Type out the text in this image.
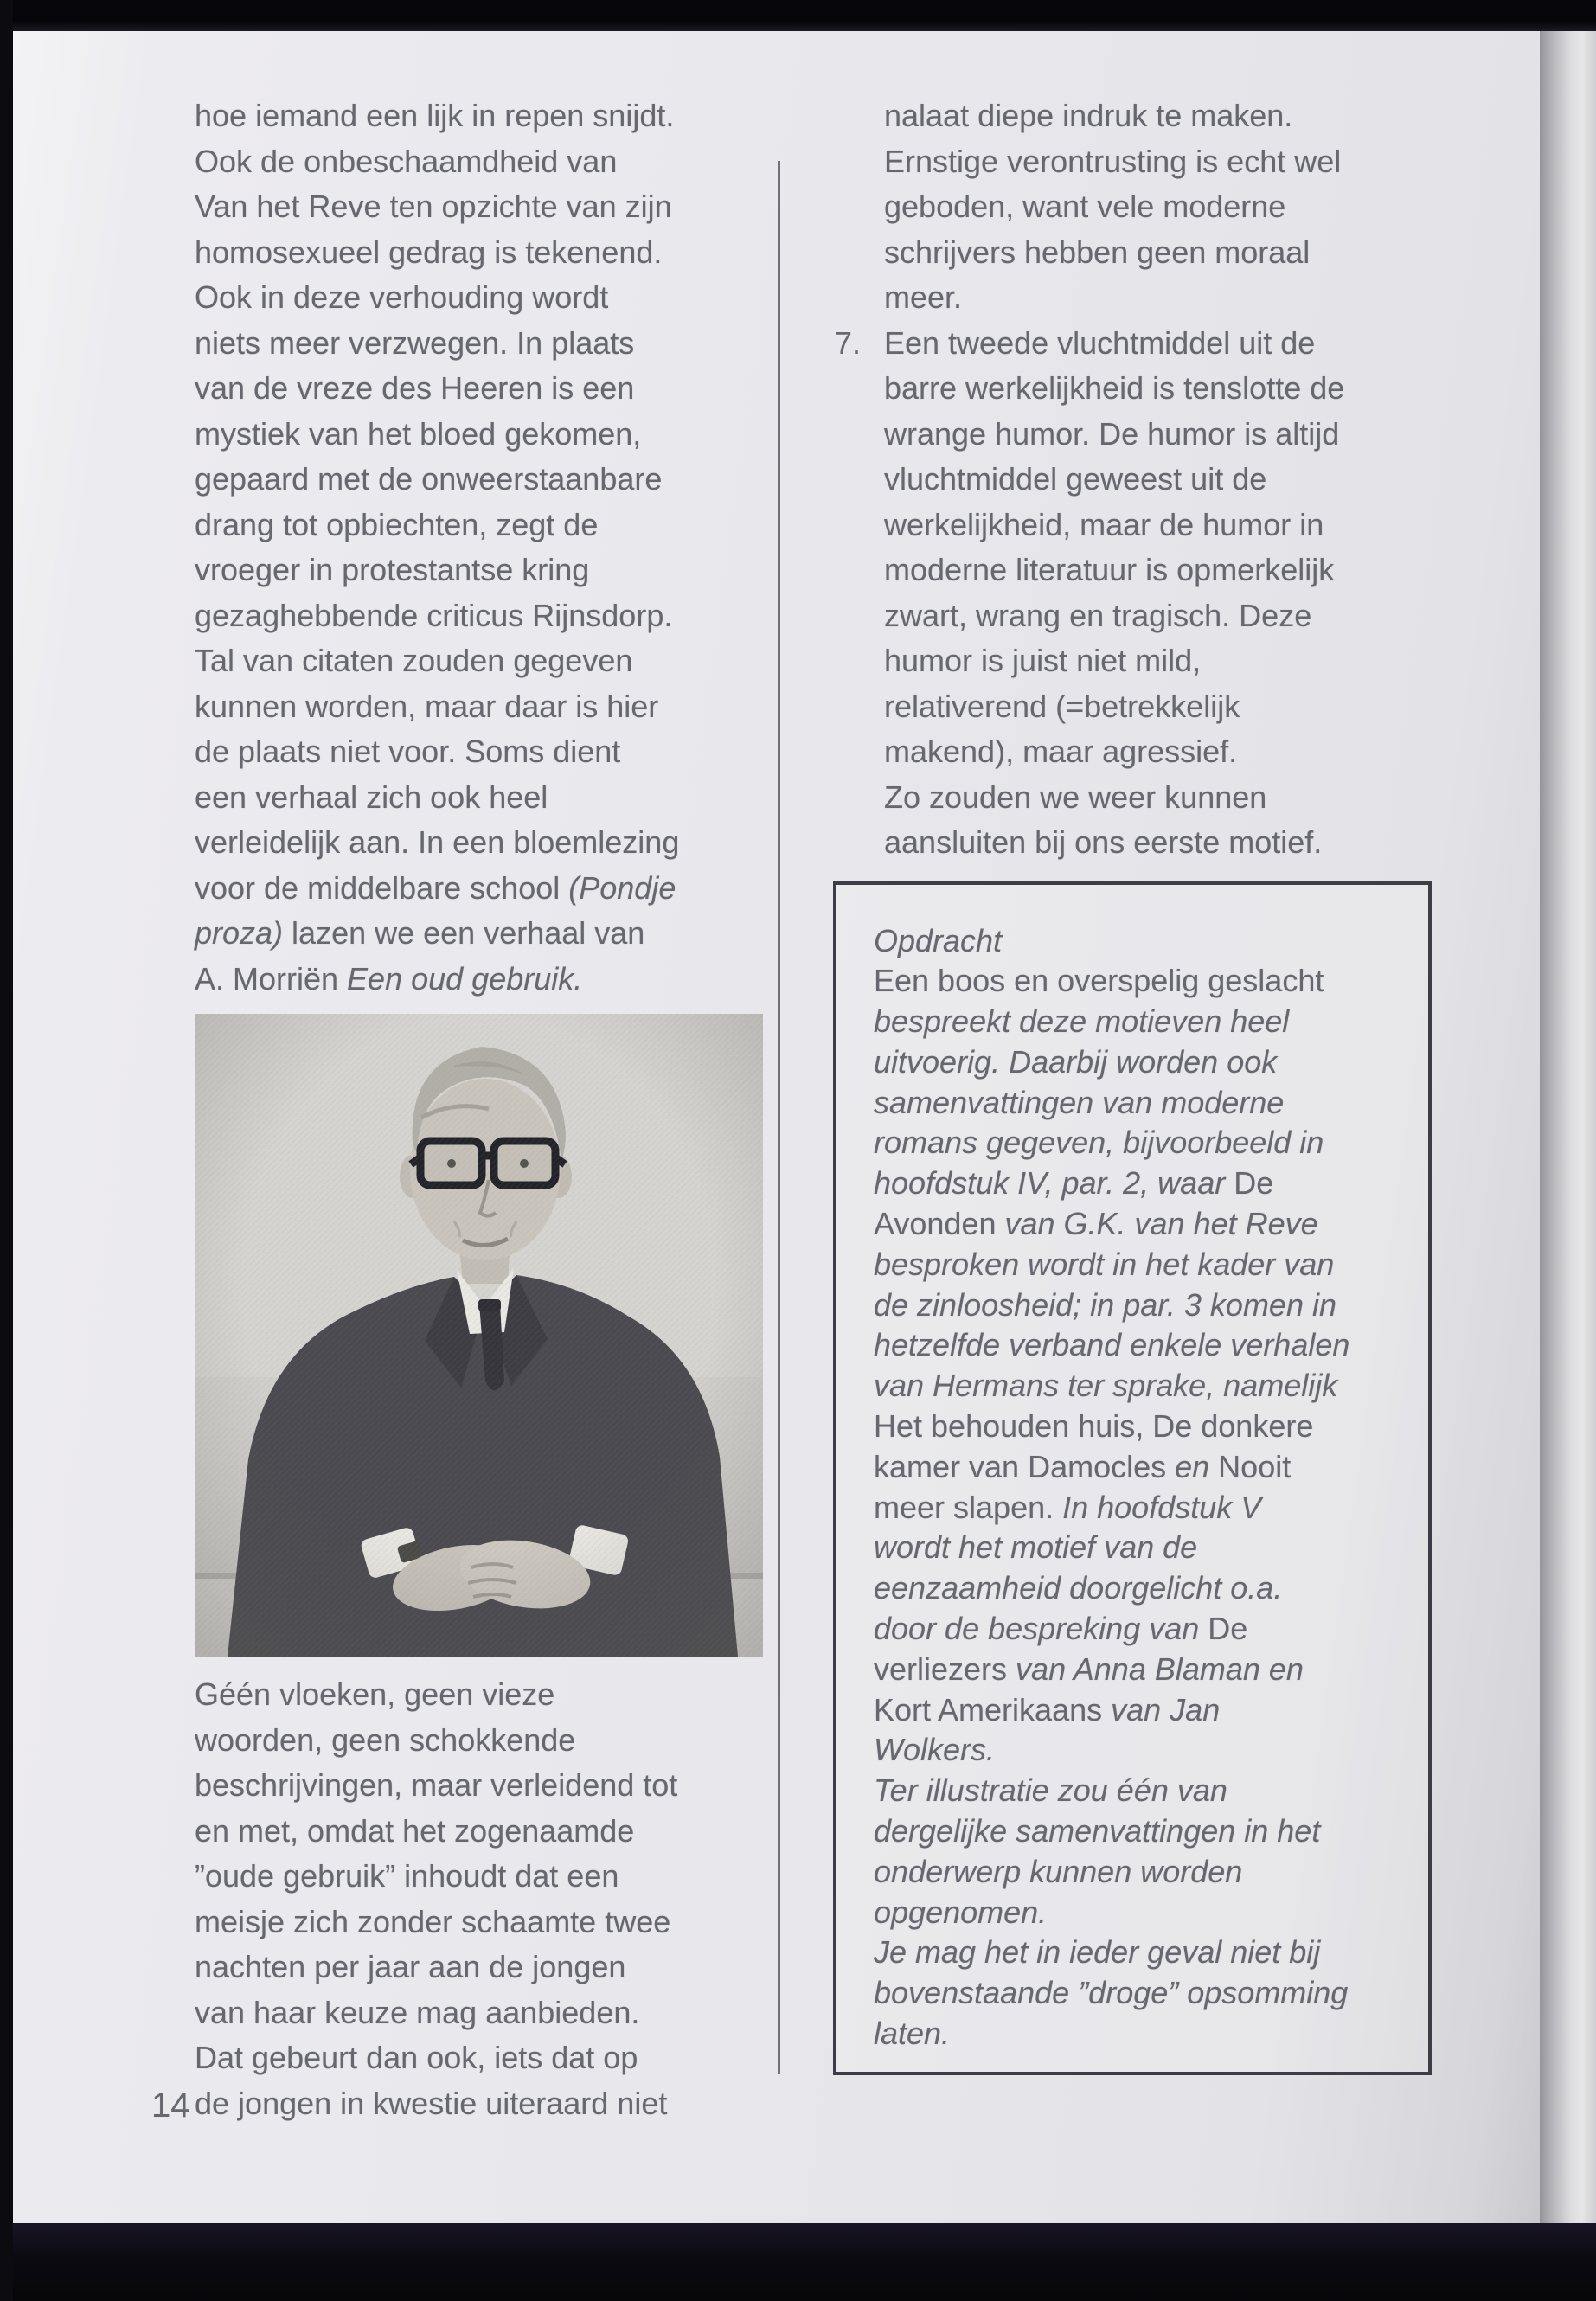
hoe iemand een lijk in repen snijdt.
Ook de onbeschaamdheid van
Van het Reve ten opzichte van zijn
homosexueel gedrag is tekenend.
Ook in deze verhouding wordt
niets meer verzwegen. In plaats
van de vreze des Heeren is een
mystiek van het bloed gekomen,
gepaard met de onweerstaanbare
drang tot opbiechten, zegt de
vroeger in protestantse kring
gezaghebbende criticus Rijnsdorp.
Tal van citaten zouden gegeven
kunnen worden, maar daar is hier
de plaats niet voor. Soms dient
een verhaal zich ook heel
verleidelijk aan. In een bloemlezing
voor de middelbare school (Pondje
proza) lazen we een verhaal van
A. Morriën Een oud gebruik.
Géén vloeken, geen vieze
woorden, geen schokkende
beschrijvingen, maar verleidend tot
en met, omdat het zogenaamde
”oude gebruik” inhoudt dat een
meisje zich zonder schaamte twee
nachten per jaar aan de jongen
van haar keuze mag aanbieden.
Dat gebeurt dan ook, iets dat op
de jongen in kwestie uiteraard niet
nalaat diepe indruk te maken.
Ernstige verontrusting is echt wel
geboden, want vele moderne
schrijvers hebben geen moraal
meer.
7. Een tweede vluchtmiddel uit de
barre werkelijkheid is tenslotte de
wrange humor. De humor is altijd
vluchtmiddel geweest uit de
werkelijkheid, maar de humor in
moderne literatuur is opmerkelijk
zwart, wrang en tragisch. Deze
humor is juist niet mild,
relativerend (=betrekkelijk
makend), maar agressief.
Zo zouden we weer kunnen
aansluiten bij ons eerste motief.
Opdracht
Een boos en overspelig geslacht
bespreekt deze motieven heel
uitvoerig. Daarbij worden ook
samenvattingen van moderne
romans gegeven, bijvoorbeeld in
hoofdstuk IV, par. 2, waar De
Avonden van G.K. van het Reve
besproken wordt in het kader van
de zinloosheid; in par. 3 komen in
hetzelfde verband enkele verhalen
van Hermans ter sprake, namelijk
Het behouden huis, De donkere
kamer van Damocles en Nooit
meer slapen. In hoofdstuk V
wordt het motief van de
eenzaamheid doorgelicht o.a.
door de bespreking van De
verliezers van Anna Blaman en
Kort Amerikaans van Jan
Wolkers.
Ter illustratie zou één van
dergelijke samenvattingen in het
onderwerp kunnen worden
opgenomen.
Je mag het in ieder geval niet bij
bovenstaande ”droge” opsomming
laten.
14
